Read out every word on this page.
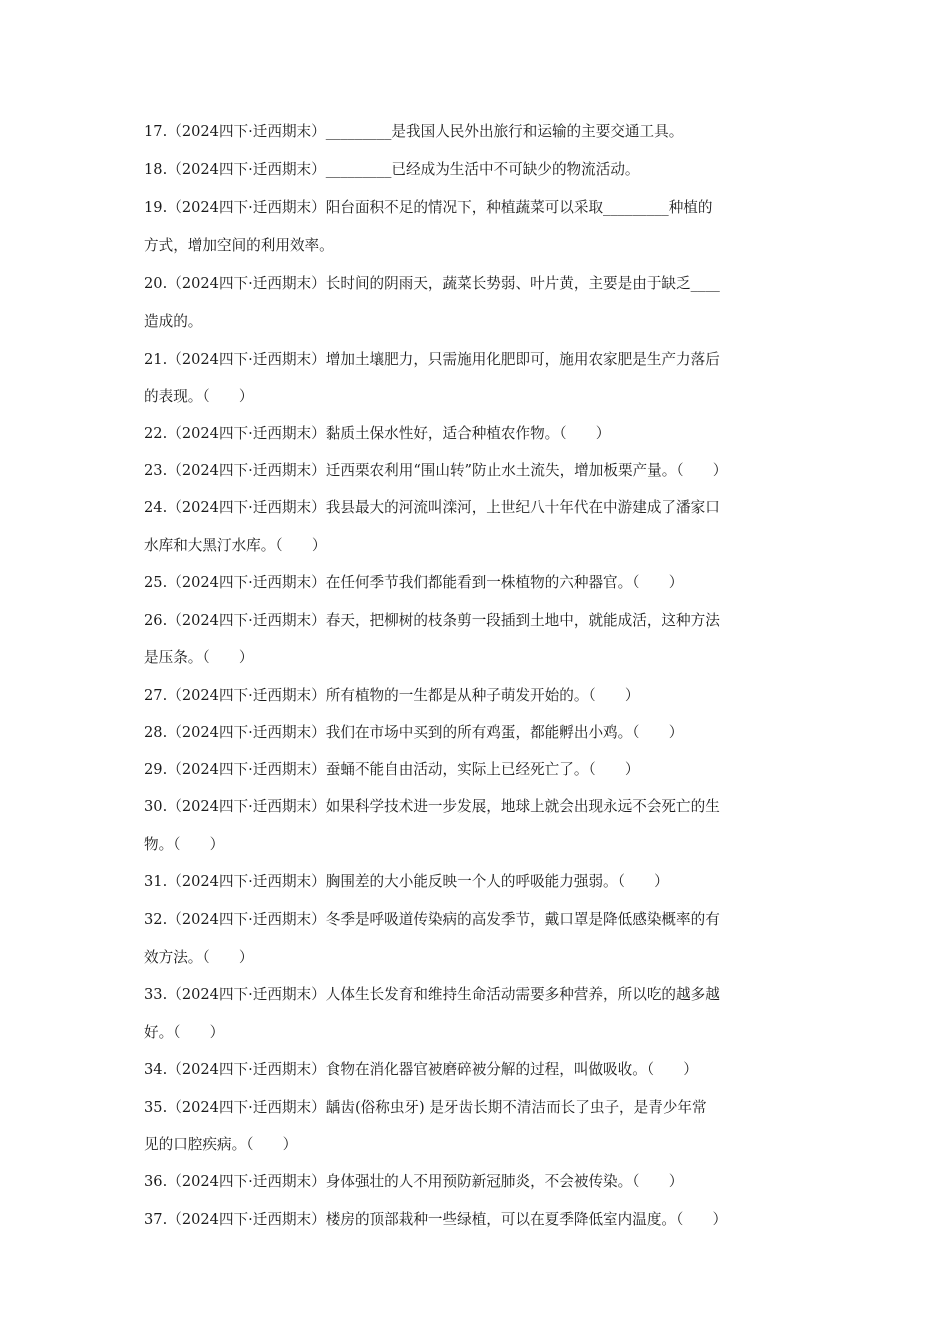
17.（2024四下·迁西期末）_________是我国人民外出旅行和运输的主要交通工具。
18.（2024四下·迁西期末）_________已经成为生活中不可缺少的物流活动。
19.（2024四下·迁西期末）阳台面积不足的情况下，种植蔬菜可以采取_________种植的
方式，增加空间的利用效率。
20.（2024四下·迁西期末）长时间的阴雨天，蔬菜长势弱、叶片黄，主要是由于缺乏____
造成的。
21.（2024四下·迁西期末）增加土壤肥力，只需施用化肥即可，施用农家肥是生产力落后
的表现。（　　）
22.（2024四下·迁西期末）黏质土保水性好，适合种植农作物。（　　）
23.（2024四下·迁西期末）迁西栗农利用“围山转”防止水土流失，增加板栗产量。（　　）
24.（2024四下·迁西期末）我县最大的河流叫滦河，上世纪八十年代在中游建成了潘家口
水库和大黑汀水库。（　　）
25.（2024四下·迁西期末）在任何季节我们都能看到一株植物的六种器官。（　　）
26.（2024四下·迁西期末）春天，把柳树的枝条剪一段插到土地中，就能成活，这种方法
是压条。（　　）
27.（2024四下·迁西期末）所有植物的一生都是从种子萌发开始的。（　　）
28.（2024四下·迁西期末）我们在市场中买到的所有鸡蛋，都能孵出小鸡。（　　）
29.（2024四下·迁西期末）蚕蛹不能自由活动，实际上已经死亡了。（　　）
30.（2024四下·迁西期末）如果科学技术进一步发展，地球上就会出现永远不会死亡的生
物。（　　）
31.（2024四下·迁西期末）胸围差的大小能反映一个人的呼吸能力强弱。（　　）
32.（2024四下·迁西期末）冬季是呼吸道传染病的高发季节，戴口罩是降低感染概率的有
效方法。（　　）
33.（2024四下·迁西期末）人体生长发育和维持生命活动需要多种营养，所以吃的越多越
好。（　　）
34.（2024四下·迁西期末）食物在消化器官被磨碎被分解的过程，叫做吸收。（　　）
35.（2024四下·迁西期末）龋齿(俗称虫牙) 是牙齿长期不清洁而长了虫子，是青少年常
见的口腔疾病。（　　）
36.（2024四下·迁西期末）身体强壮的人不用预防新冠肺炎，不会被传染。（　　）
37.（2024四下·迁西期末）楼房的顶部栽种一些绿植，可以在夏季降低室内温度。（　　）
